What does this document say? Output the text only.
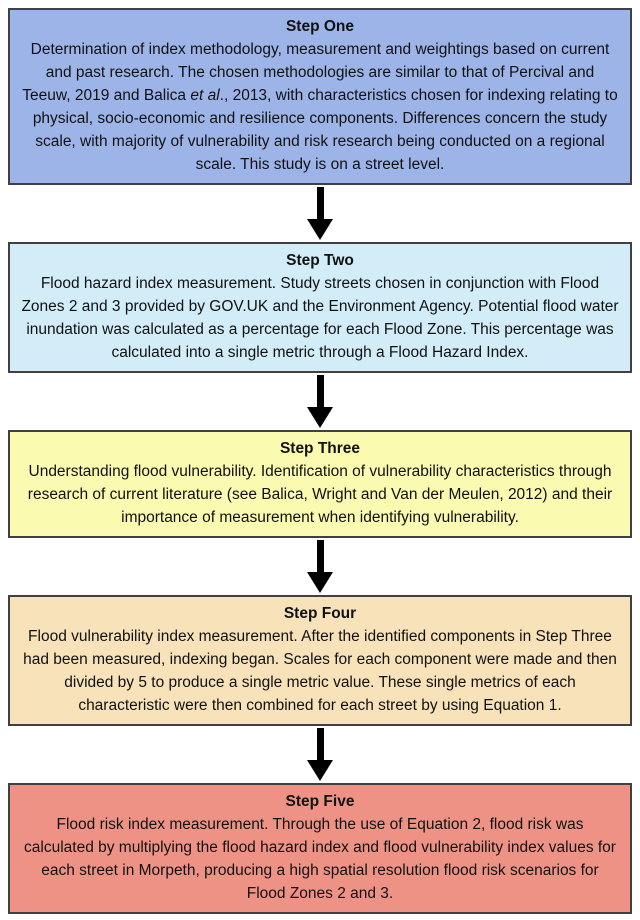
Step One
Determination of index methodology, measurement and weightings based on current and past research. The chosen methodologies are similar to that of Percival and Teeuw, 2019 and Balica et al., 2013, with characteristics chosen for indexing relating to physical, socio-economic and resilience components. Differences concern the study scale, with majority of vulnerability and risk research being conducted on a regional scale. This study is on a street level.
Step Two
Flood hazard index measurement. Study streets chosen in conjunction with Flood Zones 2 and 3 provided by GOV.UK and the Environment Agency. Potential flood water inundation was calculated as a percentage for each Flood Zone. This percentage was calculated into a single metric through a Flood Hazard Index.
Step Three
Understanding flood vulnerability. Identification of vulnerability characteristics through research of current literature (see Balica, Wright and Van der Meulen, 2012) and their importance of measurement when identifying vulnerability.
Step Four
Flood vulnerability index measurement. After the identified components in Step Three had been measured, indexing began. Scales for each component were made and then divided by 5 to produce a single metric value. These single metrics of each characteristic were then combined for each street by using Equation 1.
Step Five
Flood risk index measurement. Through the use of Equation 2, flood risk was calculated by multiplying the flood hazard index and flood vulnerability index values for each street in Morpeth, producing a high spatial resolution flood risk scenarios for Flood Zones 2 and 3.
